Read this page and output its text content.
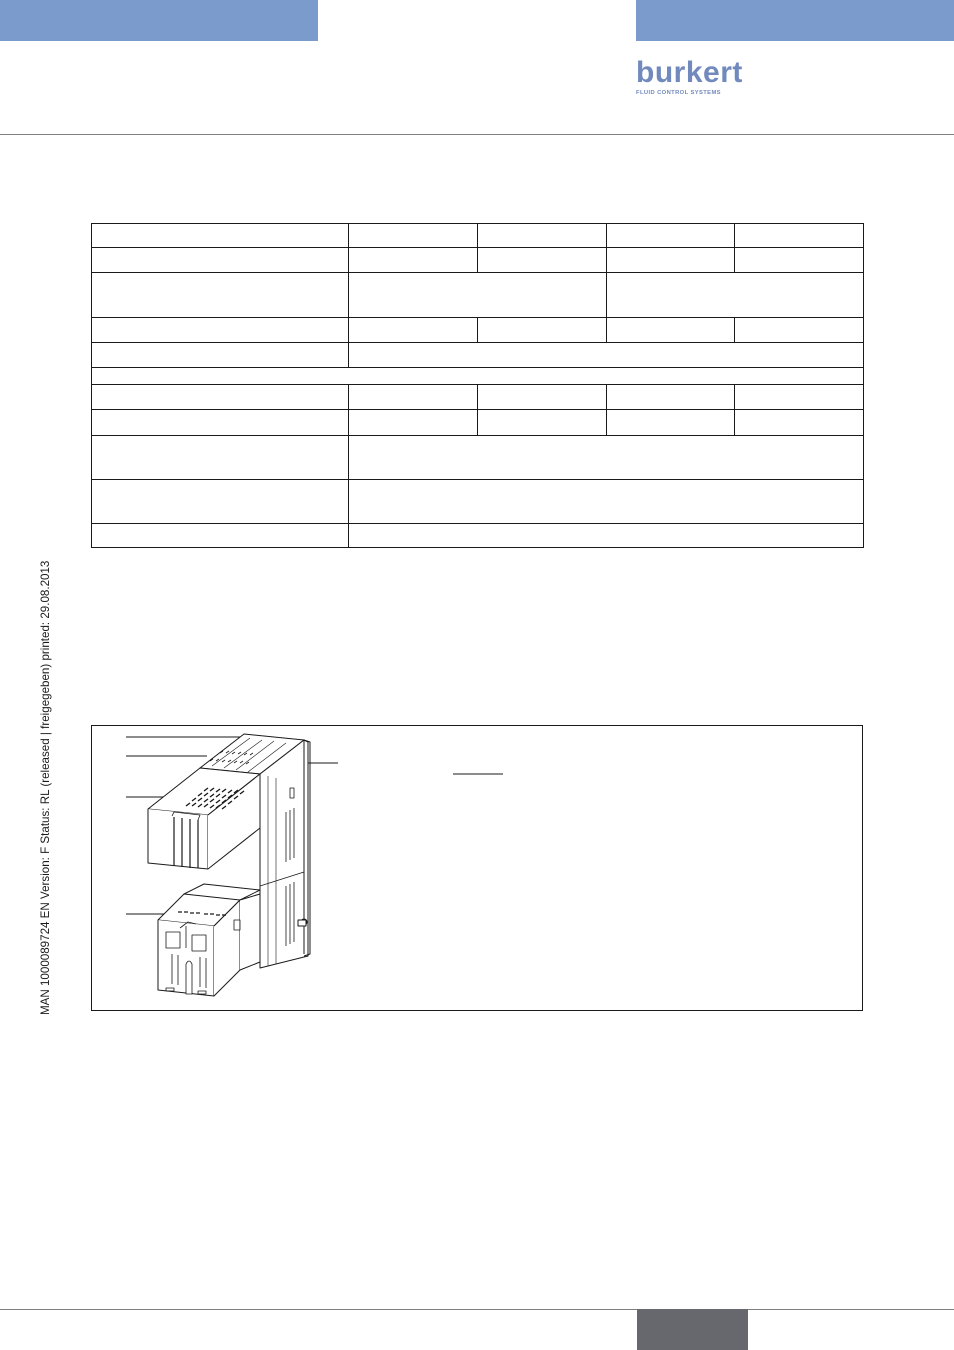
burkert
FLUID CONTROL SYSTEMS
MAN 1000089724 EN Version: F Status: RL (released | freigegeben) printed: 29.08.2013
